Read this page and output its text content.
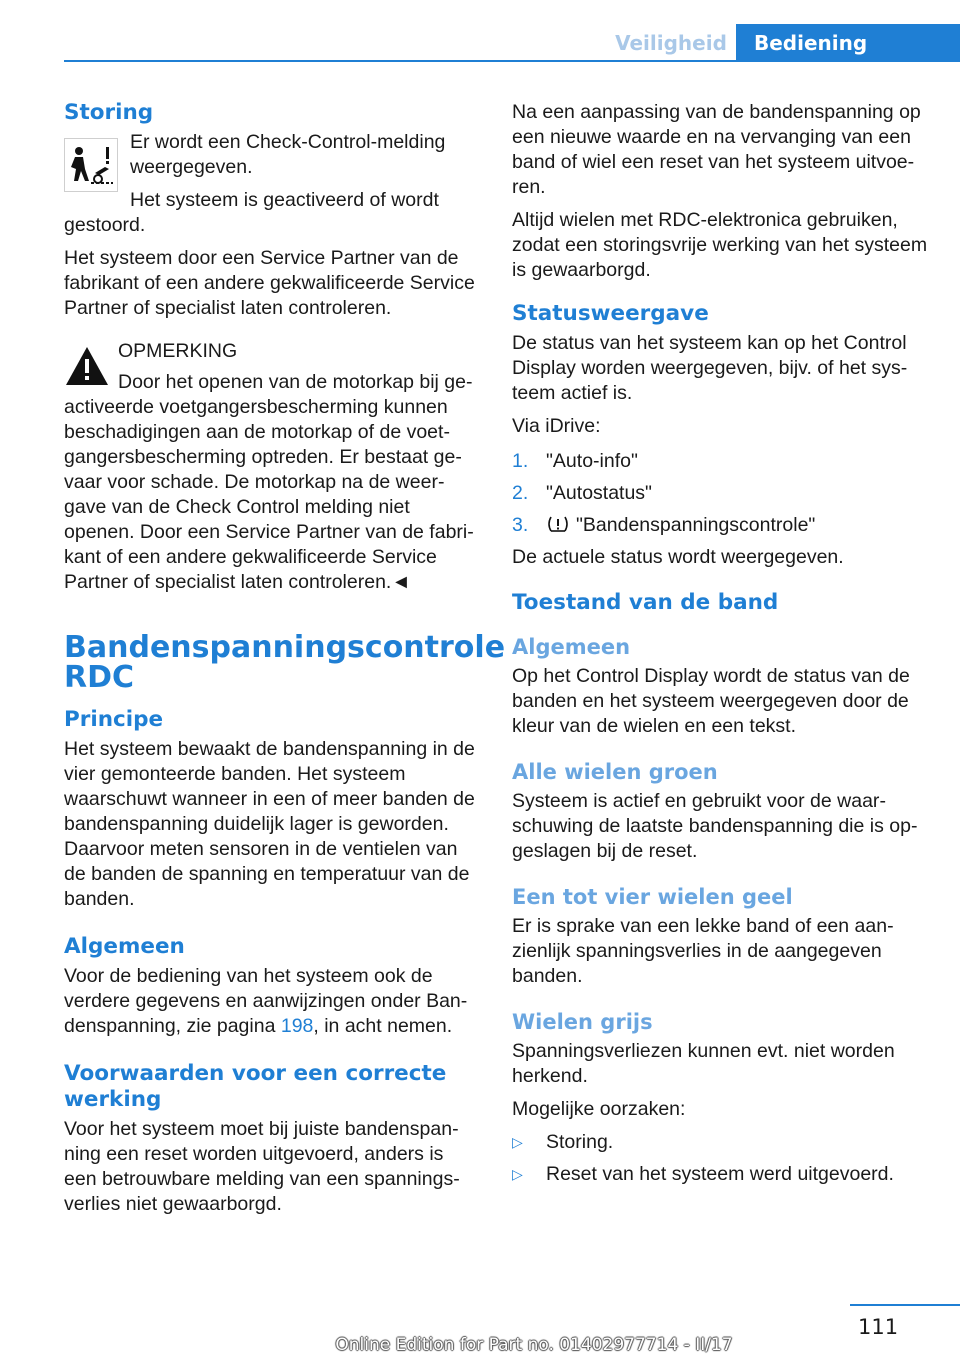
Veiligheid	Bediening
Storing

Er wordt een Check-Control-melding weergegeven.

Het systeem is geactiveerd of wordt gestoord.

Het systeem door een Service Partner van de fabrikant of een andere gekwalificeerde Service Partner of specialist laten controleren.

OPMERKING

Door het openen van de motorkap bij geactiveerde voetgangersbescherming kunnen beschadigingen aan de motorkap of de voetgangersbescherming optreden. Er bestaat gevaar voor schade. De motorkap na de weergave van de Check Control melding niet openen. Door een Service Partner van de fabrikant of een andere gekwalificeerde Service Partner of specialist laten controleren.◄

Bandenspanningscontrole RDC
Principe

Het systeem bewaakt de bandenspanning in de vier gemonteerde banden. Het systeem waarschuwt wanneer in een of meer banden de bandenspanning duidelijk lager is geworden. Daarvoor meten sensoren in de ventielen van de banden de spanning en temperatuur van de banden.

Algemeen

Voor de bediening van het systeem ook de verdere gegevens en aanwijzingen onder Bandenspanning, zie pagina 198, in acht nemen.

Voorwaarden voor een correcte werking

Voor het systeem moet bij juiste bandenspanning een reset worden uitgevoerd, anders is een betrouwbare melding van een spanningsverlies niet gewaarborgd.

Na een aanpassing van de bandenspanning op een nieuwe waarde en na vervanging van een band of wiel een reset van het systeem uitvoeren.

Altijd wielen met RDC-elektronica gebruiken, zodat een storingsvrije werking van het systeem is gewaarborgd.

Statusweergave

De status van het systeem kan op het Control Display worden weergegeven, bijv. of het systeem actief is.

Via iDrive:

1. "Auto-info"
2. "Autostatus"
3. "Bandenspanningscontrole"

De actuele status wordt weergegeven.

Toestand van de band
Algemeen

Op het Control Display wordt de status van de banden en het systeem weergegeven door de kleur van de wielen en een tekst.

Alle wielen groen

Systeem is actief en gebruikt voor de waarschuwing de laatste bandenspanning die is opgeslagen bij de reset.

Een tot vier wielen geel

Er is sprake van een lekke band of een aanzienlijk spanningsverlies in de aangegeven banden.

Wielen grijs

Spanningsverliezen kunnen evt. niet worden herkend.

Mogelijke oorzaken:

▷ Storing.
▷ Reset van het systeem werd uitgevoerd.
111
Online Edition for Part no. 01402977714 - II/17
